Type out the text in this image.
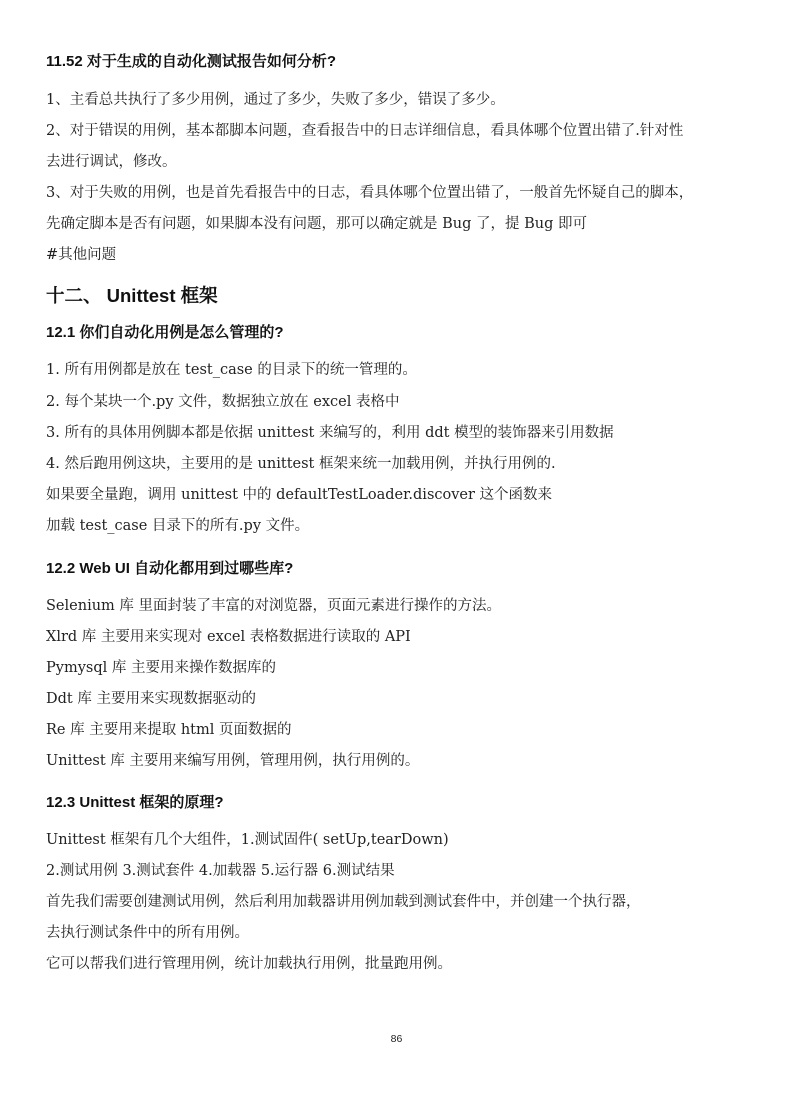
11.52 对于生成的自动化测试报告如何分析?
1、主看总共执行了多少用例，通过了多少，失败了多少，错误了多少。
2、对于错误的用例，基本都脚本问题，查看报告中的日志详细信息，看具体哪个位置出错了.针对性
去进行调试，修改。
3、对于失败的用例，也是首先看报告中的日志，看具体哪个位置出错了，一般首先怀疑自己的脚本，
先确定脚本是否有问题，如果脚本没有问题，那可以确定就是 Bug 了，提 Bug 即可
#其他问题
十二、 Unittest 框架
12.1 你们自动化用例是怎么管理的?
1. 所有用例都是放在 test_case 的目录下的统一管理的。
2. 每个某块一个.py 文件，数据独立放在 excel 表格中
3. 所有的具体用例脚本都是依据 unittest 来编写的，利用 ddt 模型的装饰器来引用数据
4. 然后跑用例这块，主要用的是 unittest 框架来统一加载用例，并执行用例的.
如果要全量跑，调用 unittest 中的 defaultTestLoader.discover 这个函数来
加载 test_case 目录下的所有.py 文件。
12.2 Web UI 自动化都用到过哪些库?
Selenium 库 里面封装了丰富的对浏览器，页面元素进行操作的方法。
Xlrd 库 主要用来实现对 excel 表格数据进行读取的 API
Pymysql 库 主要用来操作数据库的
Ddt 库 主要用来实现数据驱动的
Re 库 主要用来提取 html 页面数据的
Unittest 库 主要用来编写用例，管理用例，执行用例的。
12.3 Unittest 框架的原理?
Unittest 框架有几个大组件，1.测试固件( setUp,tearDown)
2.测试用例 3.测试套件 4.加载器 5.运行器 6.测试结果
首先我们需要创建测试用例，然后利用加载器讲用例加载到测试套件中，并创建一个执行器，
去执行测试条件中的所有用例。
它可以帮我们进行管理用例，统计加载执行用例，批量跑用例。
86
